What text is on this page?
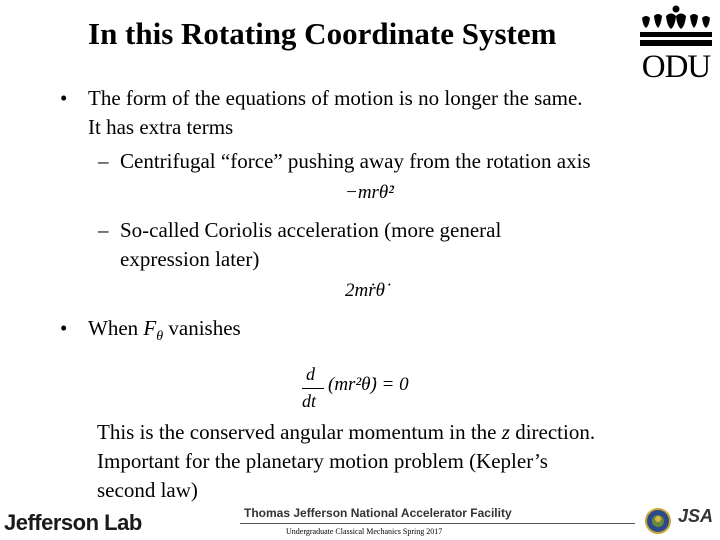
In this Rotating Coordinate System
ODU
• The form of the equations of motion is no longer the same.
It has extra terms
– Centrifugal “force” pushing away from the rotation axis
−mrθ̇²
– So-called Coriolis acceleration (more general
expression later)
2mṙθ̇
• When $F_\theta$ vanishes
d
dt
(mr²θ̇) = 0
This is the conserved angular momentum in the z direction.
Important for the planetary motion problem (Kepler’s
second law)
Jefferson Lab	Thomas Jefferson National Accelerator Facility
Undergraduate Classical Mechanics Spring 2017
JSA
